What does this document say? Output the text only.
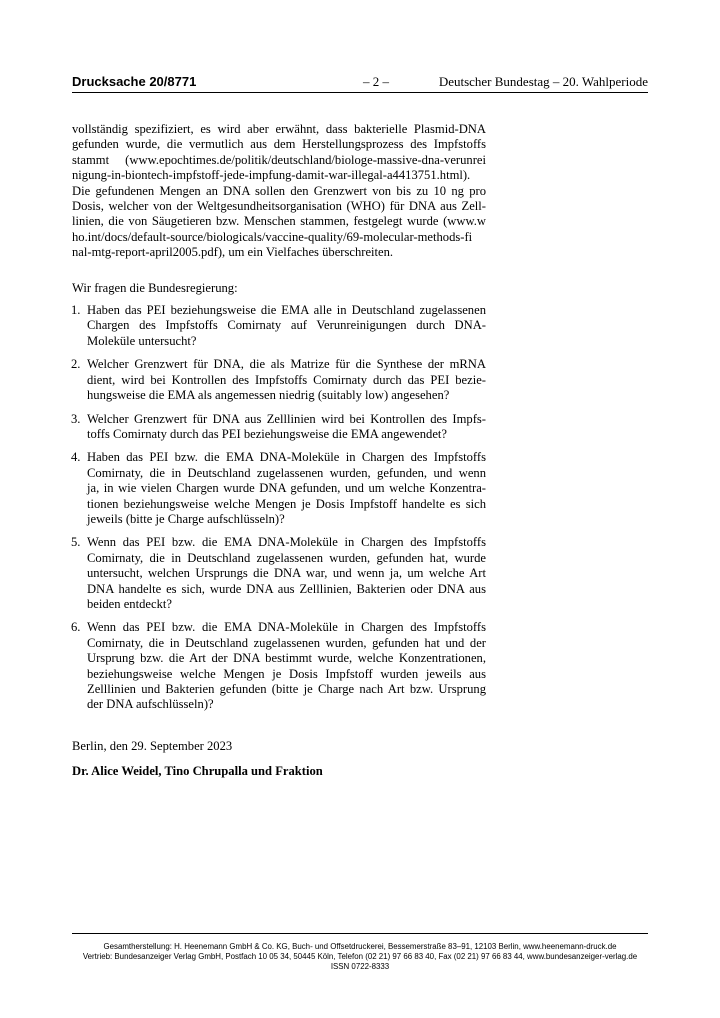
Drucksache 20/8771	– 2 –	Deutscher Bundestag – 20. Wahlperiode
vollständig spezifiziert, es wird aber erwähnt, dass bakterielle Plasmid-DNA
gefunden wurde, die vermutlich aus dem Herstellungsprozess des Impfstoffs
stammt (www.epochtimes.de/politik/deutschland/biologe-massive-dna-verunrei
nigung-in-biontech-impfstoff-jede-impfung-damit-war-illegal-a4413751.html).
Die gefundenen Mengen an DNA sollen den Grenzwert von bis zu 10 ng pro
Dosis, welcher von der Weltgesundheitsorganisation (WHO) für DNA aus Zell-
linien, die von Säugetieren bzw. Menschen stammen, festgelegt wurde (www.w
ho.int/docs/default-source/biologicals/vaccine-quality/69-molecular-methods-fi
nal-mtg-report-april2005.pdf), um ein Vielfaches überschreiten.
Wir fragen die Bundesregierung:
1. Haben das PEI beziehungsweise die EMA alle in Deutschland zugelassenen
Chargen des Impfstoffs Comirnaty auf Verunreinigungen durch DNA-
Moleküle untersucht?
2. Welcher Grenzwert für DNA, die als Matrize für die Synthese der mRNA
dient, wird bei Kontrollen des Impfstoffs Comirnaty durch das PEI bezie-
hungsweise die EMA als angemessen niedrig (suitably low) angesehen?
3. Welcher Grenzwert für DNA aus Zelllinien wird bei Kontrollen des Impfs-
toffs Comirnaty durch das PEI beziehungsweise die EMA angewendet?
4. Haben das PEI bzw. die EMA DNA-Moleküle in Chargen des Impfstoffs
Comirnaty, die in Deutschland zugelassenen wurden, gefunden, und wenn
ja, in wie vielen Chargen wurde DNA gefunden, und um welche Konzentra-
tionen beziehungsweise welche Mengen je Dosis Impfstoff handelte es sich
jeweils (bitte je Charge aufschlüsseln)?
5. Wenn das PEI bzw. die EMA DNA-Moleküle in Chargen des Impfstoffs
Comirnaty, die in Deutschland zugelassenen wurden, gefunden hat, wurde
untersucht, welchen Ursprungs die DNA war, und wenn ja, um welche Art
DNA handelte es sich, wurde DNA aus Zelllinien, Bakterien oder DNA aus
beiden entdeckt?
6. Wenn das PEI bzw. die EMA DNA-Moleküle in Chargen des Impfstoffs
Comirnaty, die in Deutschland zugelassenen wurden, gefunden hat und der
Ursprung bzw. die Art der DNA bestimmt wurde, welche Konzentrationen,
beziehungsweise welche Mengen je Dosis Impfstoff wurden jeweils aus
Zelllinien und Bakterien gefunden (bitte je Charge nach Art bzw. Ursprung
der DNA aufschlüsseln)?
Berlin, den 29. September 2023
Dr. Alice Weidel, Tino Chrupalla und Fraktion
Gesamtherstellung: H. Heenemann GmbH & Co. KG, Buch- und Offsetdruckerei, Bessemerstraße 83–91, 12103 Berlin, www.heenemann-druck.de
Vertrieb: Bundesanzeiger Verlag GmbH, Postfach 10 05 34, 50445 Köln, Telefon (02 21) 97 66 83 40, Fax (02 21) 97 66 83 44, www.bundesanzeiger-verlag.de
ISSN 0722-8333
